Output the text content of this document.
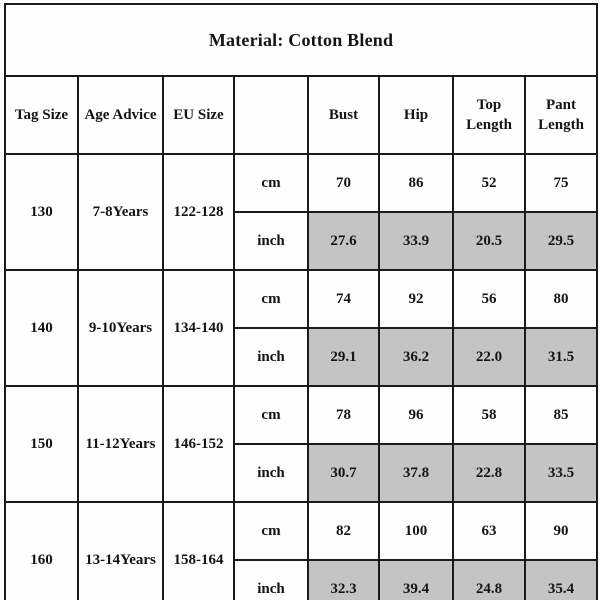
Material: Cotton Blend							
Tag Size	Age Advice	EU Size		Bust	Hip	Top Length	Pant Length
130	7-8Years	122-128	cm	70	86	52	75
			inch	27.6	33.9	20.5	29.5
140	9-10Years	134-140	cm	74	92	56	80
			inch	29.1	36.2	22.0	31.5
150	11-12Years	146-152	cm	78	96	58	85
			inch	30.7	37.8	22.8	33.5
160	13-14Years	158-164	cm	82	100	63	90
			inch	32.3	39.4	24.8	35.4
